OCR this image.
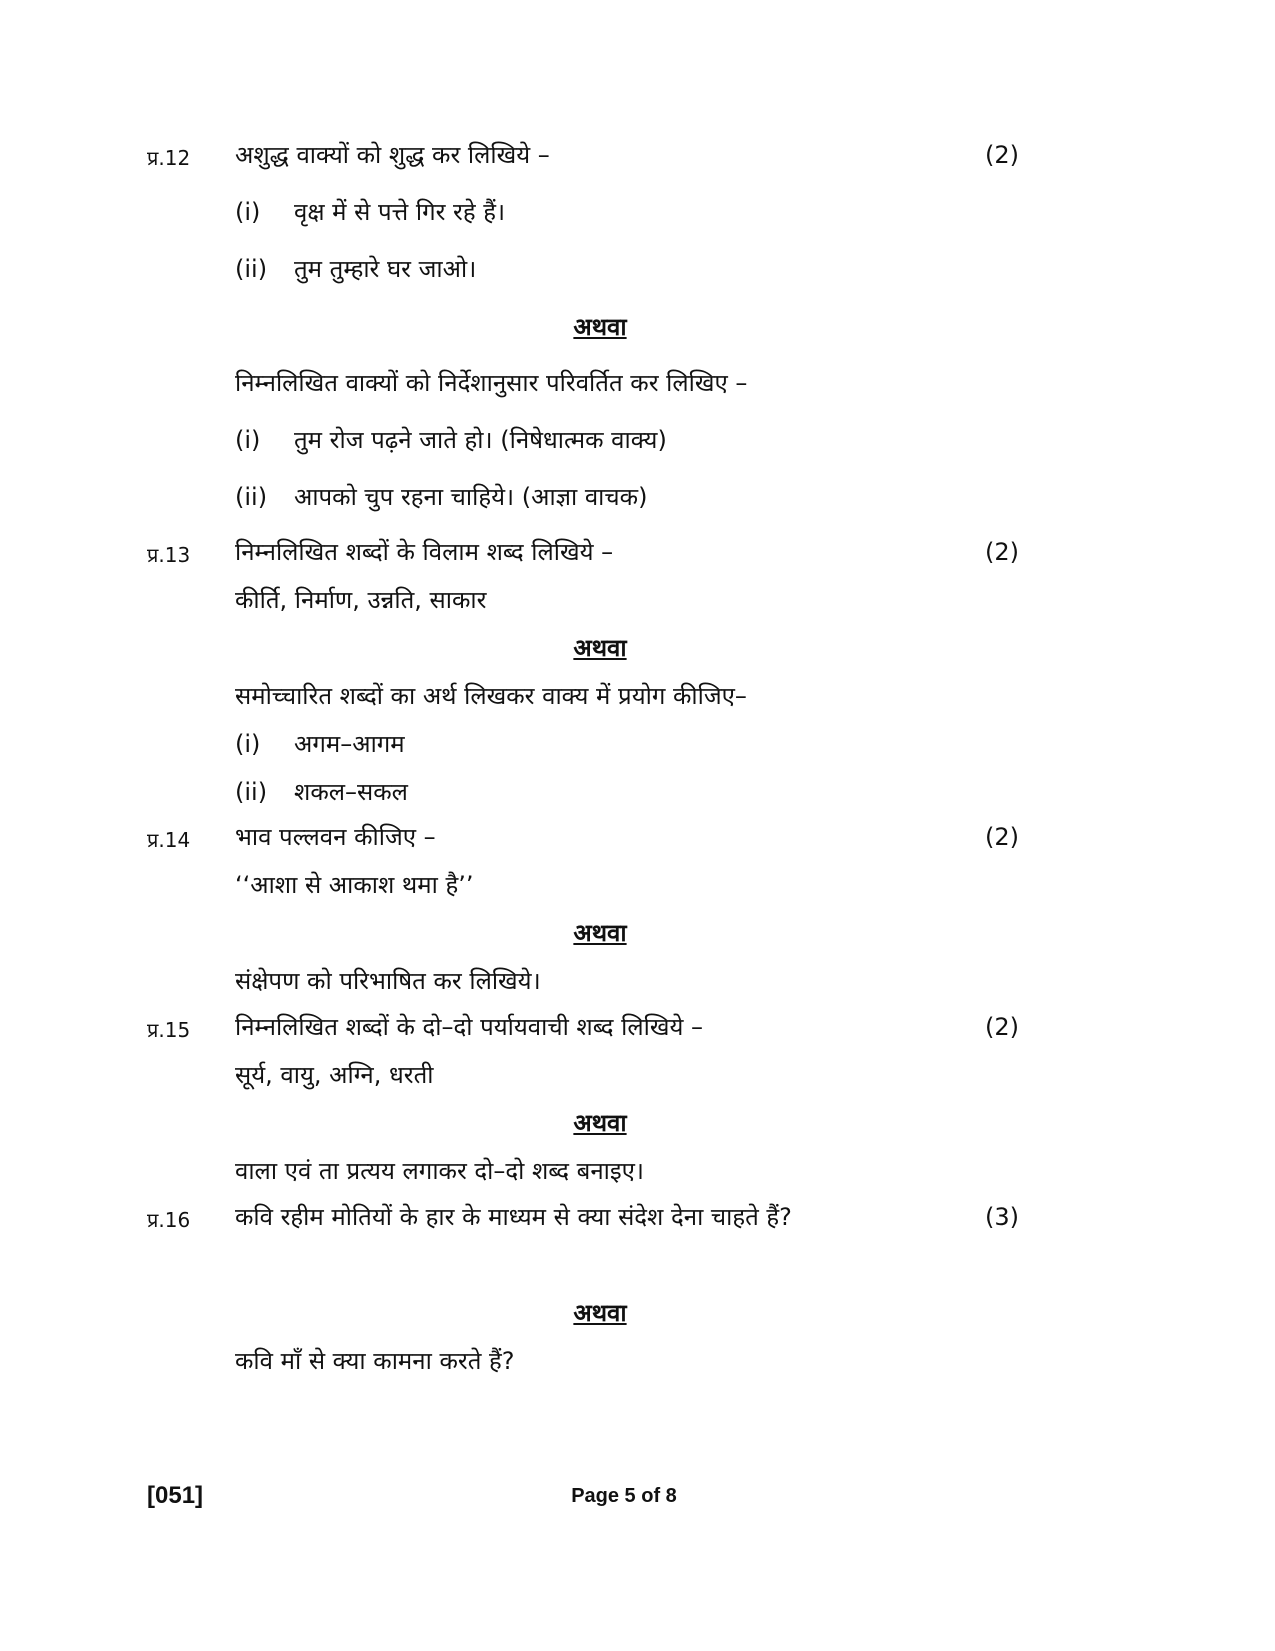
प्र.12 अशुद्ध वाक्यों को शुद्ध कर लिखिये –	(2)
(i) वृक्ष में से पत्ते गिर रहे हैं।
(ii) तुम तुम्हारे घर जाओ।
अथवा
निम्नलिखित वाक्यों को निर्देशानुसार परिवर्तित कर लिखिए –
(i) तुम रोज पढ़ने जाते हो। (निषेधात्मक वाक्य)
(ii) आपको चुप रहना चाहिये। (आज्ञा वाचक)
प्र.13 निम्नलिखित शब्दों के विलाम शब्द लिखिये –	(2)
कीर्ति, निर्माण, उन्नति, साकार
अथवा
समोच्चारित शब्दों का अर्थ लिखकर वाक्य में प्रयोग कीजिए–
(i) अगम–आगम
(ii) शकल–सकल
प्र.14 भाव पल्लवन कीजिए –	(2)
‘‘आशा से आकाश थमा है’’
अथवा
संक्षेपण को परिभाषित कर लिखिये।
प्र.15 निम्नलिखित शब्दों के दो–दो पर्यायवाची शब्द लिखिये –	(2)
सूर्य, वायु, अग्नि, धरती
अथवा
वाला एवं ता प्रत्यय लगाकर दो–दो शब्द बनाइए।
प्र.16 कवि रहीम मोतियों के हार के माध्यम से क्या संदेश देना चाहते हैं?	(3)
अथवा
कवि माँ से क्या कामना करते हैं?
[051]	Page 5 of 8
